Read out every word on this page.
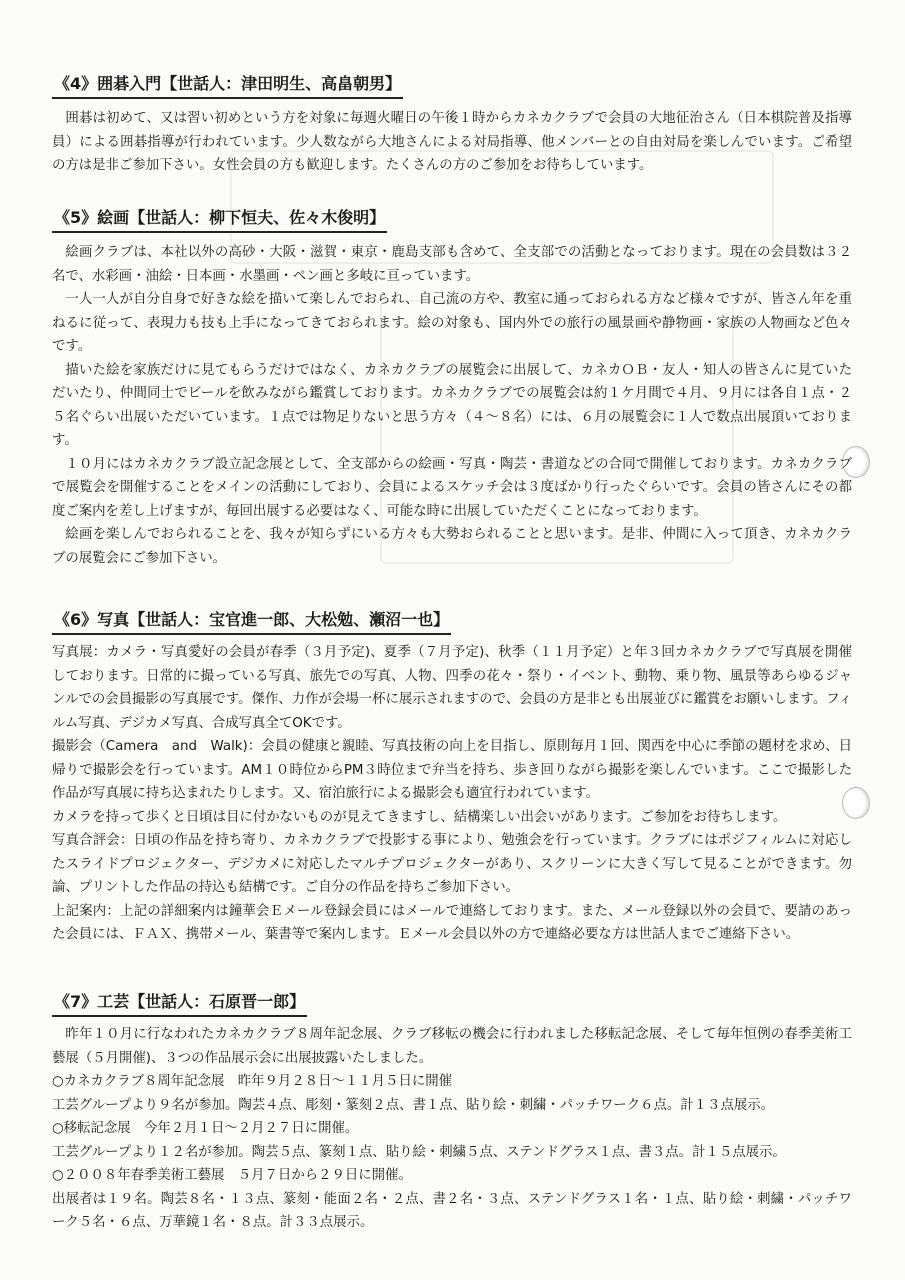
《4》囲碁入門【世話人：津田明生、高畠朝男】

囲碁は初めて、又は習い初めという方を対象に毎週火曜日の午後１時からカネカクラブで会員の大地征治さん（日本棋院普及指導員）による囲碁指導が行われています。少人数ながら大地さんによる対局指導、他メンバーとの自由対局を楽しんでいます。ご希望の方は是非ご参加下さい。女性会員の方も歓迎します。たくさんの方のご参加をお待ちしています。

《5》絵画【世話人：柳下恒夫、佐々木俊明】

絵画クラブは、本社以外の高砂・大阪・滋賀・東京・鹿島支部も含めて、全支部での活動となっております。現在の会員数は３２名で、水彩画・油絵・日本画・水墨画・ペン画と多岐に亘っています。

一人一人が自分自身で好きな絵を描いて楽しんでおられ、自己流の方や、教室に通っておられる方など様々ですが、皆さん年を重ねるに従って、表現力も技も上手になってきておられます。絵の対象も、国内外での旅行の風景画や静物画・家族の人物画など色々です。

描いた絵を家族だけに見てもらうだけではなく、カネカクラブの展覧会に出展して、カネカＯＢ・友人・知人の皆さんに見ていただいたり、仲間同士でビールを飲みながら鑑賞しております。カネカクラブでの展覧会は約１ケ月間で４月、９月には各自１点・２５名ぐらい出展いただいています。１点では物足りないと思う方々（４～８名）には、６月の展覧会に１人で数点出展頂いております。

１０月にはカネカクラブ設立記念展として、全支部からの絵画・写真・陶芸・書道などの合同で開催しております。カネカクラブで展覧会を開催することをメインの活動にしており、会員によるスケッチ会は３度ばかり行ったぐらいです。会員の皆さんにその都度ご案内を差し上げますが、毎回出展する必要はなく、可能な時に出展していただくことになっております。

絵画を楽しんでおられることを、我々が知らずにいる方々も大勢おられることと思います。是非、仲間に入って頂き、カネカクラブの展覧会にご参加下さい。

《6》写真【世話人：宝官進一郎、大松勉、瀬沼一也】

写真展：カメラ・写真愛好の会員が春季（３月予定)、夏季（７月予定)、秋季（１１月予定）と年３回カネカクラブで写真展を開催しております。日常的に撮っている写真、旅先での写真、人物、四季の花々・祭り・イベント、動物、乗り物、風景等あらゆるジャンルでの会員撮影の写真展です。傑作、力作が会場一杯に展示されますので、会員の方是非とも出展並びに鑑賞をお願いします。フィルム写真、デジカメ写真、合成写真全てOKです。

撮影会（Camera　and　Walk)：会員の健康と親睦、写真技術の向上を目指し、原則毎月１回、関西を中心に季節の題材を求め、日帰りで撮影会を行っています。AM１０時位からPM３時位まで弁当を持ち、歩き回りながら撮影を楽しんでいます。ここで撮影した作品が写真展に持ち込まれたりします。又、宿泊旅行による撮影会も適宜行われています。

カメラを持って歩くと日頃は目に付かないものが見えてきますし、結構楽しい出会いがあります。ご参加をお待ちします。

写真合評会：日頃の作品を持ち寄り、カネカクラブで投影する事により、勉強会を行っています。クラブにはポジフィルムに対応したスライドプロジェクター、デジカメに対応したマルチプロジェクターがあり、スクリーンに大きく写して見ることができます。勿論、プリントした作品の持込も結構です。ご自分の作品を持ちご参加下さい。

上記案内：上記の詳細案内は鐘華会Ｅメール登録会員にはメールで連絡しております。また、メール登録以外の会員で、要請のあった会員には、ＦＡＸ、携帯メール、葉書等で案内します。Ｅメール会員以外の方で連絡必要な方は世話人までご連絡下さい。

《7》工芸【世話人：石原晋一郎】

昨年１０月に行なわれたカネカクラブ８周年記念展、クラブ移転の機会に行われました移転記念展、そして毎年恒例の春季美術工藝展（５月開催)、３つの作品展示会に出展披露いたしました。

○カネカクラブ８周年記念展　昨年９月２８日～１１月５日に開催

工芸グループより９名が参加。陶芸４点、彫刻・篆刻２点、書１点、貼り絵・刺繍・パッチワーク６点。計１３点展示。

○移転記念展　今年２月１日～２月２７日に開催。

工芸グループより１２名が参加。陶芸５点、篆刻１点、貼り絵・刺繍５点、ステンドグラス１点、書３点。計１５点展示。

○２００８年春季美術工藝展　５月７日から２９日に開催。

出展者は１９名。陶芸８名・１３点、篆刻・能面２名・２点、書２名・３点、ステンドグラス１名・１点、貼り絵・刺繍・パッチワーク５名・６点、万華鏡１名・８点。計３３点展示。
